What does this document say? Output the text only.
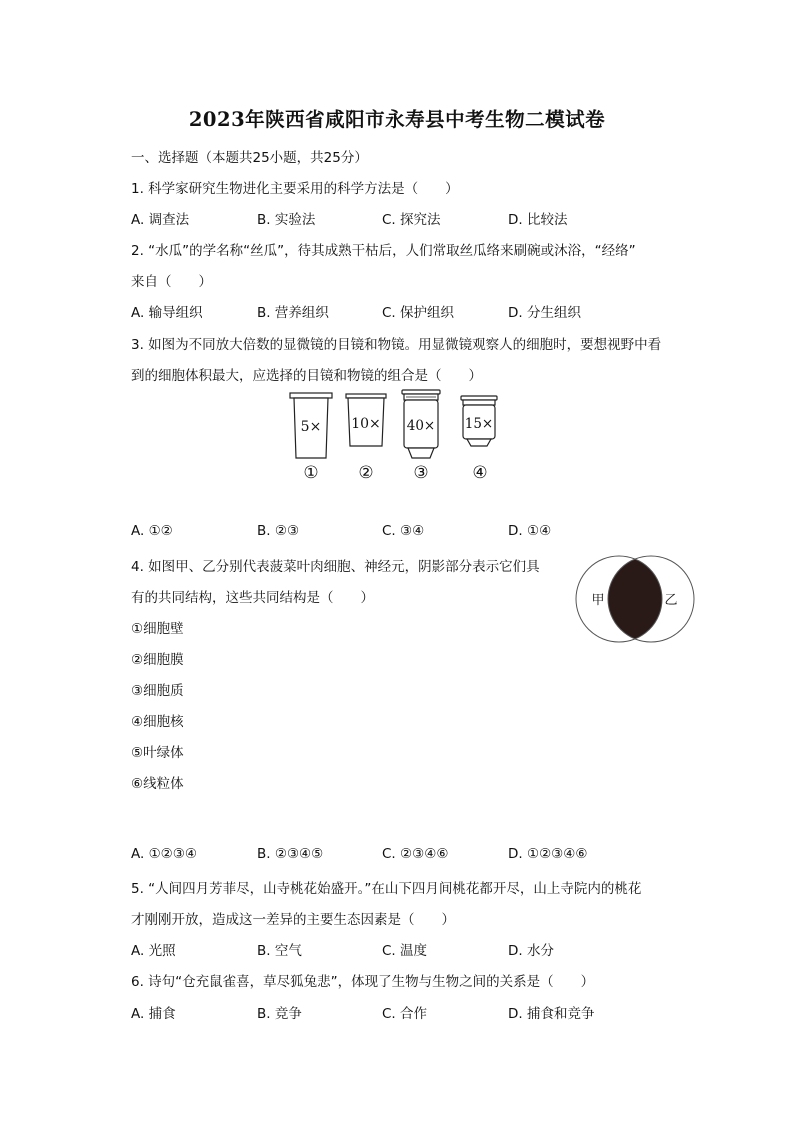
2023年陕西省咸阳市永寿县中考生物二模试卷
一、选择题（本题共25小题，共25分）
1. 科学家研究生物进化主要采用的科学方法是（　　）
A. 调查法	B. 实验法	C. 探究法	D. 比较法
2. “水瓜”的学名称“丝瓜”，待其成熟干枯后，人们常取丝瓜络来刷碗或沐浴，“经络”
来自（　　）
A. 输导组织	B. 营养组织	C. 保护组织	D. 分生组织
3. 如图为不同放大倍数的显微镜的目镜和物镜。用显微镜观察人的细胞时，要想视野中看
到的细胞体积最大，应选择的目镜和物镜的组合是（　　）
5× 10× 40× 15×
① ② ③	④
A. ①②	B. ②③	C. ③④	D. ①④
4. 如图甲、乙分别代表菠菜叶肉细胞、神经元，阴影部分表示它们具
有的共同结构，这些共同结构是（　　）	甲	乙
①细胞壁
②细胞膜
③细胞质
④细胞核
⑤叶绿体
⑥线粒体
A. ①②③④	B. ②③④⑤	C. ②③④⑥	D. ①②③④⑥
5. “人间四月芳菲尽，山寺桃花始盛开。”在山下四月间桃花都开尽，山上寺院内的桃花
才刚刚开放，造成这一差异的主要生态因素是（　　）
A. 光照	B. 空气	C. 温度	D. 水分
6. 诗句“仓充鼠雀喜，草尽狐兔悲”，体现了生物与生物之间的关系是（　　）
A. 捕食	B. 竞争	C. 合作	D. 捕食和竞争
